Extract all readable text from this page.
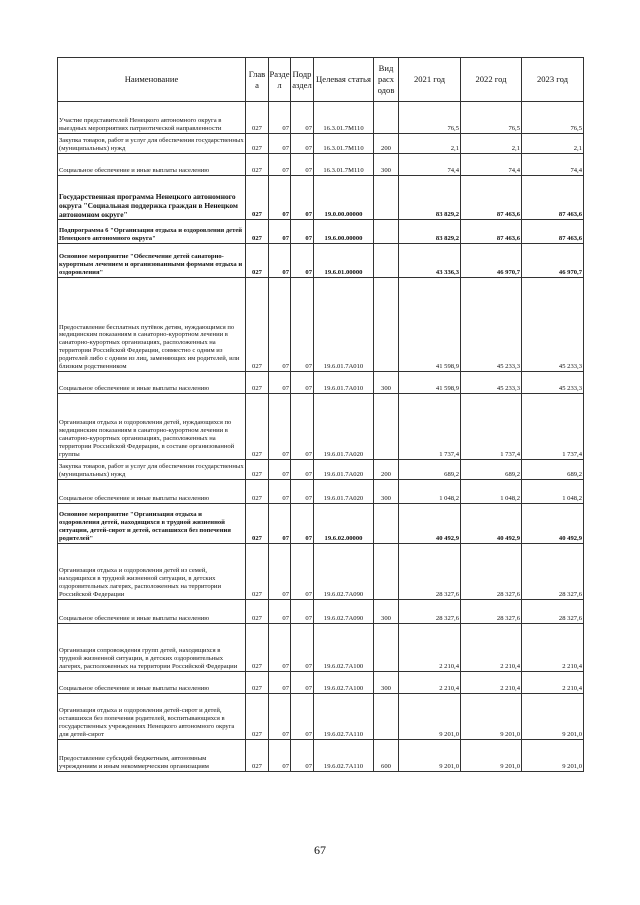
Наименование	Глав а	Разде л	Подр аздел	Целевая статья	Вид расх одов	2021 год	2022 год	2023 год
Участие представителей Ненецкого автономного округа в выездных мероприятиях патриотической направленности	027	07	07	16.3.01.7М110		76,5	76,5	76,5
Закупка товаров, работ и услуг для обеспечения государственных (муниципальных) нужд	027	07	07	16.3.01.7М110	200	2,1	2,1	2,1
Социальное обеспечение и иные выплаты населению	027	07	07	16.3.01.7М110	300	74,4	74,4	74,4
Государственная программа Ненецкого автономного округа "Социальная поддержка граждан в Ненецком автономном округе"	027	07	07	19.0.00.00000		83 829,2	87 463,6	87 463,6
Подпрограмма 6 "Организация отдыха и оздоровления детей Ненецкого автономного округа"	027	07	07	19.6.00.00000		83 829,2	87 463,6	87 463,6
Основное мероприятие "Обеспечение детей санаторно-курортным лечением и организованными формами отдыха и оздоровления"	027	07	07	19.6.01.00000		43 336,3	46 970,7	46 970,7
Предоставление бесплатных путёвок детям, нуждающимся по медицинским показаниям в санаторно-курортном лечении в санаторно-курортных организациях, расположенных на территории Российской Федерации, совместно с одним из родителей либо с одним из лиц, заменяющих им родителей, или близким родственником	027	07	07	19.6.01.7А010		41 598,9	45 233,3	45 233,3
Социальное обеспечение и иные выплаты населению	027	07	07	19.6.01.7А010	300	41 598,9	45 233,3	45 233,3
Организация отдыха и оздоровления детей, нуждающихся по медицинским показаниям в санаторно-курортном лечении в санаторно-курортных организациях, расположенных на территории Российской Федерации, в составе организованной группы	027	07	07	19.6.01.7А020		1 737,4	1 737,4	1 737,4
Закупка товаров, работ и услуг для обеспечения государственных (муниципальных) нужд	027	07	07	19.6.01.7А020	200	689,2	689,2	689,2
Социальное обеспечение и иные выплаты населению	027	07	07	19.6.01.7А020	300	1 048,2	1 048,2	1 048,2
Основное мероприятие "Организация отдыха и оздоровления детей, находящихся в трудной жизненной ситуации, детей-сирот и детей, оставшихся без попечения родителей"	027	07	07	19.6.02.00000		40 492,9	40 492,9	40 492,9
Организация отдыха и оздоровления детей из семей, находящихся в трудной жизненной ситуации, в детских оздоровительных лагерях, расположенных на территории Российской Федерации	027	07	07	19.6.02.7А090		28 327,6	28 327,6	28 327,6
Социальное обеспечение и иные выплаты населению	027	07	07	19.6.02.7А090	300	28 327,6	28 327,6	28 327,6
Организация сопровождения групп детей, находящихся в трудной жизненной ситуации, в детских оздоровительных лагерях, расположенных на территории Российской Федерации	027	07	07	19.6.02.7А100		2 210,4	2 210,4	2 210,4
Социальное обеспечение и иные выплаты населению	027	07	07	19.6.02.7А100	300	2 210,4	2 210,4	2 210,4
Организация отдыха и оздоровления детей-сирот и детей, оставшихся без попечения родителей, воспитывающихся в государственных учреждениях Ненецкого автономного округа для детей-сирот	027	07	07	19.6.02.7А110		9 201,0	9 201,0	9 201,0
Предоставление субсидий бюджетным, автономным учреждениям и иным некоммерческим организациям	027	07	07	19.6.02.7А110	600	9 201,0	9 201,0	9 201,0
67
